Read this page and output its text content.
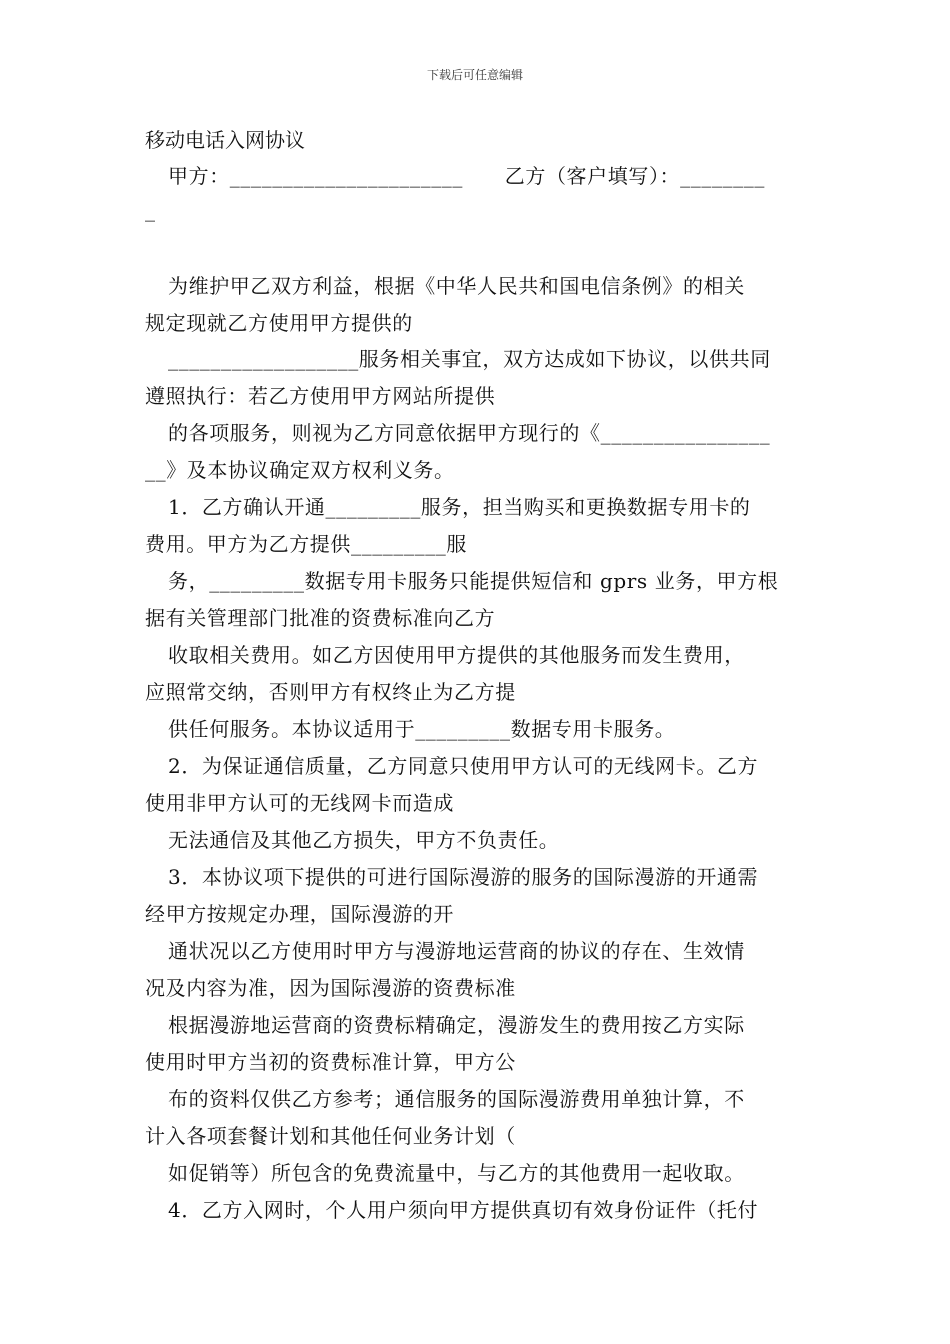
下载后可任意编辑
移动电话入网协议
甲方：______________________      乙方（客户填写）：________
_
为维护甲乙双方利益，根据《中华人民共和国电信条例》的相关
规定现就乙方使用甲方提供的
__________________服务相关事宜，双方达成如下协议，以供共同
遵照执行：若乙方使用甲方网站所提供
的各项服务，则视为乙方同意依据甲方现行的《________________
__》及本协议确定双方权利义务。
1．乙方确认开通_________服务，担当购买和更换数据专用卡的
费用。甲方为乙方提供_________服
务，_________数据专用卡服务只能提供短信和 gprs 业务，甲方根
据有关管理部门批准的资费标准向乙方
收取相关费用。如乙方因使用甲方提供的其他服务而发生费用，
应照常交纳，否则甲方有权终止为乙方提
供任何服务。本协议适用于_________数据专用卡服务。
2．为保证通信质量，乙方同意只使用甲方认可的无线网卡。乙方
使用非甲方认可的无线网卡而造成
无法通信及其他乙方损失，甲方不负责任。
3．本协议项下提供的可进行国际漫游的服务的国际漫游的开通需
经甲方按规定办理，国际漫游的开
通状况以乙方使用时甲方与漫游地运营商的协议的存在、生效情
况及内容为准，因为国际漫游的资费标准
根据漫游地运营商的资费标精确定，漫游发生的费用按乙方实际
使用时甲方当初的资费标准计算，甲方公
布的资料仅供乙方参考；通信服务的国际漫游费用单独计算，不
计入各项套餐计划和其他任何业务计划（
如促销等）所包含的免费流量中，与乙方的其他费用一起收取。
4．乙方入网时，个人用户须向甲方提供真切有效身份证件（托付
